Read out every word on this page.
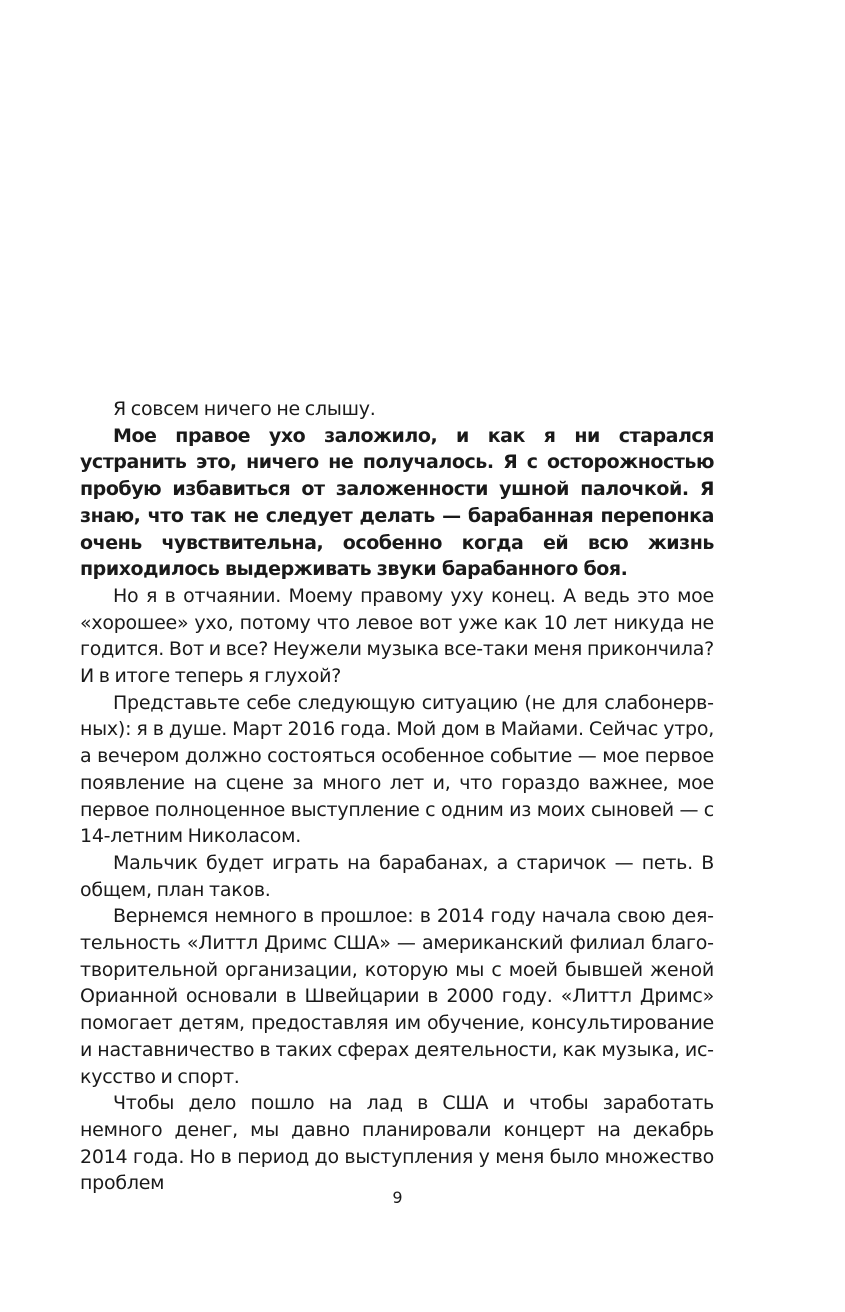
Я совсем ничего не слышу.

Мое правое ухо заложило, и как я ни старался устранить это, ничего не получалось. Я с осторожностью пробую избавиться от заложенности ушной палочкой. Я знаю, что так не следует делать — барабанная перепонка очень чувствительна, особенно когда ей всю жизнь приходилось выдерживать звуки барабанного боя.

Но я в отчаянии. Моему правому уху конец. А ведь это мое «хорошее» ухо, потому что левое вот уже как 10 лет никуда не годится. Вот и все? Неужели музыка все-таки меня прикончила? И в итоге теперь я глухой?

Представьте себе следующую ситуацию (не для слабонервных): я в душе. Март 2016 года. Мой дом в Майами. Сейчас утро, а вечером должно состояться особенное событие — мое первое появление на сцене за много лет и, что гораздо важнее, мое первое полноценное выступление с одним из моих сыновей — с 14-летним Николасом.

Мальчик будет играть на барабанах, а старичок — петь. В общем, план таков.

Вернемся немного в прошлое: в 2014 году начала свою деятельность «Литтл Дримс США» — американский филиал благотворительной организации, которую мы с моей бывшей женой Орианной основали в Швейцарии в 2000 году. «Литтл Дримс» помогает детям, предоставляя им обучение, консультирование и наставничество в таких сферах деятельности, как музыка, искусство и спорт.

Чтобы дело пошло на лад в США и чтобы заработать немного денег, мы давно планировали концерт на декабрь 2014 года. Но в период до выступления у меня было множество проблем

9
